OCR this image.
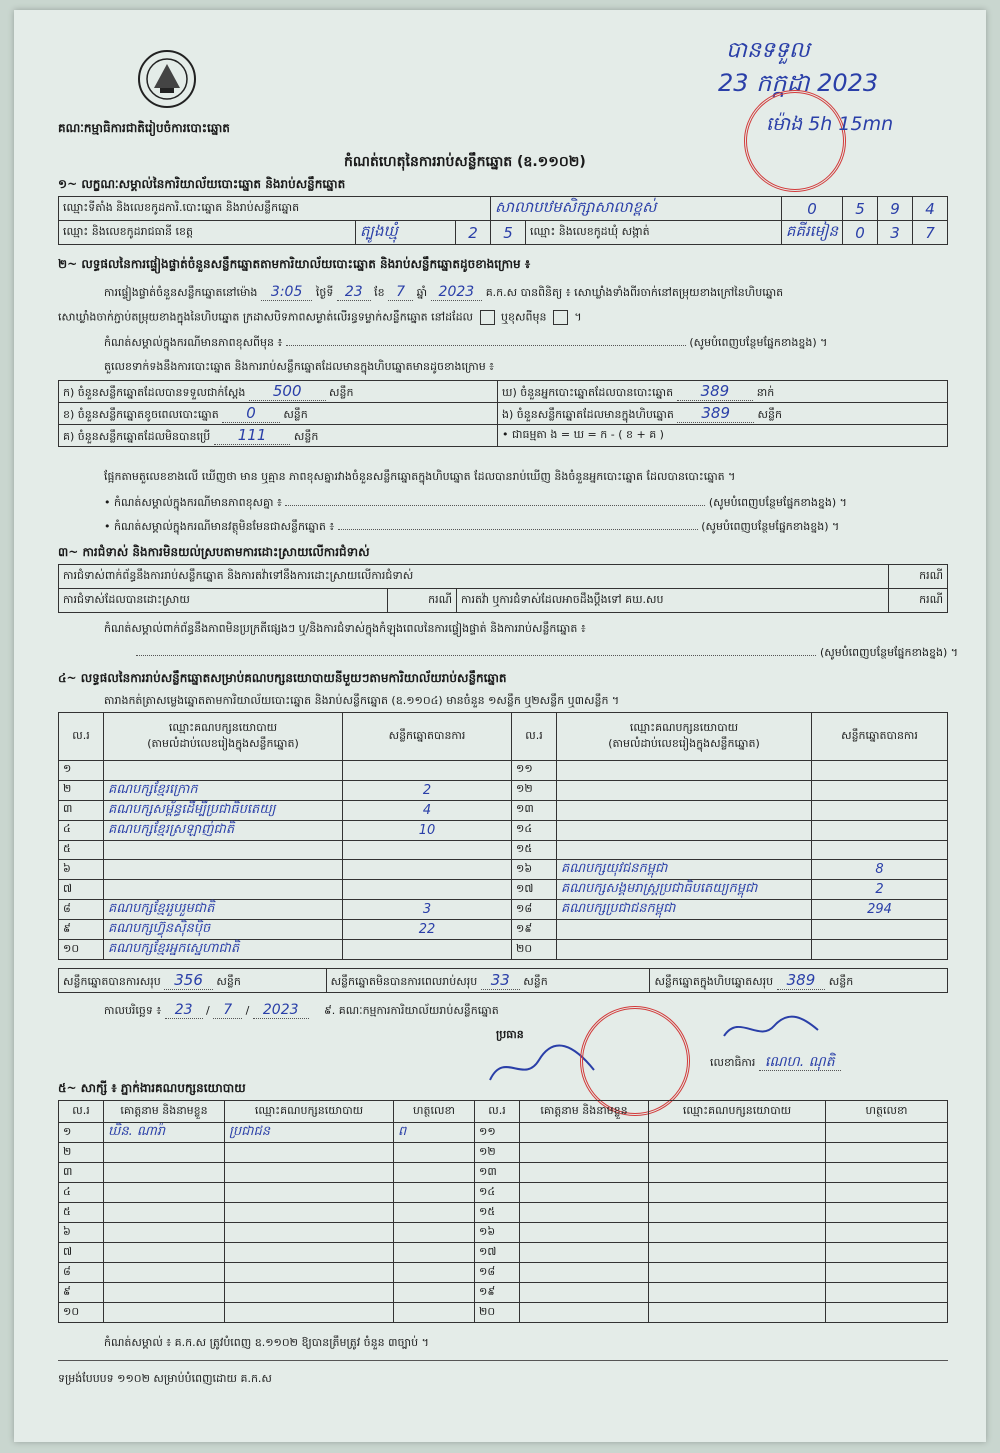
គណៈកម្មាធិការជាតិរៀបចំការបោះឆ្នោត
បានទទួល
23 កក្កដា 2023
ម៉ោង 5h 15mn
កំណត់ហេតុនៃការរាប់សន្លឹកឆ្នោត (ឧ.១១០២)
១~ លក្ខណៈសម្គាល់នៃការិយាល័យបោះឆ្នោត និងរាប់សន្លឹកឆ្នោត
ឈ្មោះទីតាំង និងលេខកូដការិ.បោះឆ្នោត និងរាប់សន្លឹកឆ្នោត			សាលាបឋមសិក្សាសាលាខ្ពស់		0	5	9	4
ឈ្មោះ និងលេខកូដរាជធានី ខេត្ត	ត្បូងឃ្មុំ	2	5	ឈ្មោះ និងលេខកូដឃុំ សង្កាត់	គគីរមៀន	0	3	7
២~ លទ្ធផលនៃការផ្ទៀងផ្ទាត់ចំនួនសន្លឹកឆ្នោតតាមការិយាល័យបោះឆ្នោត និងរាប់សន្លឹកឆ្នោតដូចខាងក្រោម ៖
ការផ្ទៀងផ្ទាត់ចំនួនសន្លឹកឆ្នោតនៅម៉ោង 3:05 ថ្ងៃទី 23 ខែ 7 ឆ្នាំ 2023 គ.ក.ស បានពិនិត្យ ៖ សោឃ្លាំងទាំងពីរចាក់នៅតម្រុយខាងក្រៅនៃហិបឆ្នោត
សោឃ្លាំងចាក់ភ្ជាប់តម្រុយខាងក្នុងនៃហិបឆ្នោត ក្រដាសបិទភាពសម្ងាត់លើរន្ធទម្លាក់សន្លឹកឆ្នោត នៅដដែល	ឬខុសពីមុន  ។
កំណត់សម្គាល់ក្នុងករណីមានភាពខុសពីមុន ៖	(សូមបំពេញបន្ថែមផ្នែកខាងខ្នង) ។
តួលេខទាក់ទងនឹងការបោះឆ្នោត និងការរាប់សន្លឹកឆ្នោតដែលមានក្នុងហិបឆ្នោតមានដូចខាងក្រោម ៖
ក) ចំនួនសន្លឹកឆ្នោតដែលបានទទួលជាក់ស្តែង 500 សន្លឹក	ឃ) ចំនួនអ្នកបោះឆ្នោតដែលបានបោះឆ្នោត 389 នាក់
ខ) ចំនួនសន្លឹកឆ្នោតខូចពេលបោះឆ្នោត 0 សន្លឹក	ង) ចំនួនសន្លឹកឆ្នោតដែលមានក្នុងហិបឆ្នោត 389 សន្លឹក
គ) ចំនួនសន្លឹកឆ្នោតដែលមិនបានប្រើ 111 សន្លឹក	• ជាធម្មតា ង = ឃ = ក - ( ខ + គ )
ផ្អែកតាមតួលេខខាងលើ ឃើញថា មាន ឬគ្មាន ភាពខុសគ្នារវាងចំនួនសន្លឹកឆ្នោតក្នុងហិបឆ្នោត ដែលបានរាប់ឃើញ និងចំនួនអ្នកបោះឆ្នោត ដែលបានបោះឆ្នោត ។
• កំណត់សម្គាល់ក្នុងករណីមានភាពខុសគ្នា ៖	(សូមបំពេញបន្ថែមផ្នែកខាងខ្នង) ។
• កំណត់សម្គាល់ក្នុងករណីមានវត្ថុមិនមែនជាសន្លឹកឆ្នោត ៖	(សូមបំពេញបន្ថែមផ្នែកខាងខ្នង) ។
៣~ ការជំទាស់ និងការមិនយល់ស្របតាមការដោះស្រាយលើការជំទាស់
ការជំទាស់ពាក់ព័ន្ធនឹងការរាប់សន្លឹកឆ្នោត និងការតវ៉ាទៅនឹងការដោះស្រាយលើការជំទាស់			ករណី
ការជំទាស់ដែលបានដោះស្រាយ	ករណី	ការតវ៉ា ឬការជំទាស់ដែលអាចដឹងប្តឹងទៅ គឃ.សប	ករណី
កំណត់សម្គាល់ពាក់ព័ន្ធនឹងភាពមិនប្រក្រតីផ្សេងៗ ឬ/និងការជំទាស់ក្នុងកំឡុងពេលនៃការផ្ទៀងផ្ទាត់ និងការរាប់សន្លឹកឆ្នោត ៖
(សូមបំពេញបន្ថែមផ្នែកខាងខ្នង) ។
៤~ លទ្ធផលនៃការរាប់សន្លឹកឆ្នោតសម្រាប់គណបក្សនយោបាយនីមួយៗតាមការិយាល័យរាប់សន្លឹកឆ្នោត
តារាងកត់ត្រាសម្លេងឆ្នោតតាមការិយាល័យបោះឆ្នោត និងរាប់សន្លឹកឆ្នោត (ឧ.១១០៤) មានចំនួន ១សន្លឹក ឬ២សន្លឹក ឬ៣សន្លឹក ។
ល.រ	ឈ្មោះគណបក្សនយោបាយ
(តាមលំដាប់លេខរៀងក្នុងសន្លឹកឆ្នោត)	សន្លឹកឆ្នោតបានការ	ល.រ	ឈ្មោះគណបក្សនយោបាយ
(តាមលំដាប់លេខរៀងក្នុងសន្លឹកឆ្នោត)	សន្លឹកឆ្នោតបានការ
១			១១		
២	គណបក្សខ្មែរក្រោក	2	១២		
៣	គណបក្សសម្ព័ន្ធដើម្បីប្រជាធិបតេយ្យ	4	១៣		
៤	គណបក្សខ្មែរស្រឡាញ់ជាតិ	10	១៤		
៥			១៥		
៦			១៦	គណបក្សយុវជនកម្ពុជា	8
៧			១៧	គណបក្សសង្គមរាស្ត្រប្រជាធិបតេយ្យកម្ពុជា	2
៨	គណបក្សខ្មែររួបរួមជាតិ	3	១៨	គណបក្សប្រជាជនកម្ពុជា	294
៩	គណបក្សហ៊្វុនស៊ិនប៉ិច	22	១៩		
១០	គណបក្សខ្មែរអ្នកស្នេហាជាតិ		២០		
សន្លឹកឆ្នោតបានការសរុប 356 សន្លឹក	សន្លឹកឆ្នោតមិនបានការពេលរាប់សរុប 33 សន្លឹក	សន្លឹកឆ្នោតក្នុងហិបឆ្នោតសរុប 389 សន្លឹក
កាលបរិច្ឆេទ ៖ 23 / 7 / 2023 ៩. គណៈកម្មការការិយាល័យរាប់សន្លឹកឆ្នោត
ប្រធាន
លេខាធិការ ណេហ. ណុតិ
៥~ សាក្សី ៖ ភ្នាក់ងារគណបក្សនយោបាយ
ល.រ	គោត្តនាម និងនាមខ្លួន	ឈ្មោះគណបក្សនយោបាយ	ហត្ថលេខា	ល.រ	គោត្តនាម និងនាមខ្លួន	ឈ្មោះគណបក្សនយោបាយ	ហត្ថលេខា
១	ឃិន. ណារ៉ា	ប្រជាជន	ព	១១			
២				១២			
៣				១៣			
៤				១៤			
៥				១៥			
៦				១៦			
៧				១៧			
៨				១៨			
៩				១៩			
១០				២០			
កំណត់សម្គាល់ ៖ គ.ក.ស ត្រូវបំពេញ ឧ.១១០២ ឱ្យបានត្រឹមត្រូវ ចំនួន ៣ច្បាប់ ។
ទម្រង់បែបបទ ១១០២ សម្រាប់បំពេញដោយ គ.ក.ស
